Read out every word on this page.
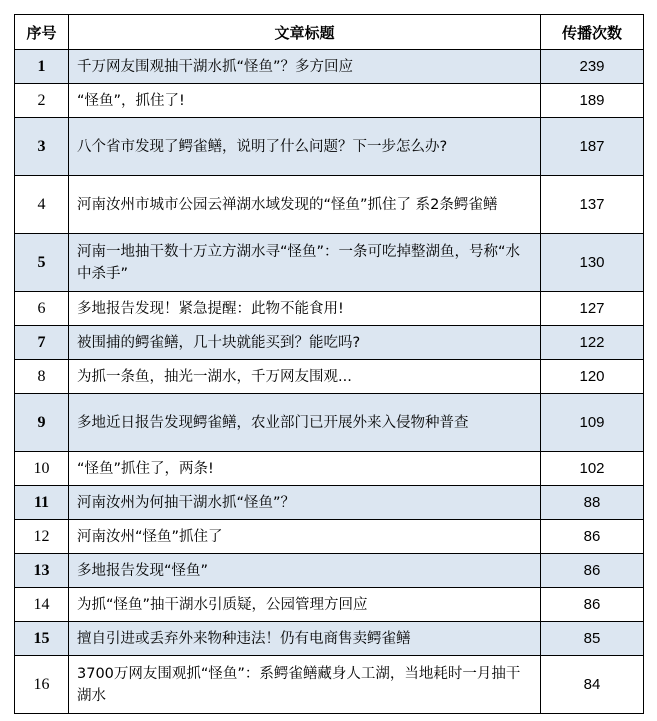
序号	文章标题	传播次数
1	千万网友围观抽干湖水抓“怪鱼”？多方回应	239
2	“怪鱼”，抓住了!	189
3	八个省市发现了鳄雀鳝，说明了什么问题？下一步怎么办?	187
4	河南汝州市城市公园云禅湖水域发现的“怪鱼”抓住了 系2条鳄雀鳝	137
5	河南一地抽干数十万立方湖水寻“怪鱼”：一条可吃掉整湖鱼，号称“水中杀手”	130
6	多地报告发现！紧急提醒：此物不能食用!	127
7	被围捕的鳄雀鳝，几十块就能买到？能吃吗?	122
8	为抓一条鱼，抽光一湖水，千万网友围观...	120
9	多地近日报告发现鳄雀鳝，农业部门已开展外来入侵物种普查	109
10	“怪鱼”抓住了，两条!	102
11	河南汝州为何抽干湖水抓“怪鱼”？	88
12	河南汝州“怪鱼”抓住了	86
13	多地报告发现“怪鱼”	86
14	为抓“怪鱼”抽干湖水引质疑，公园管理方回应	86
15	擅自引进或丢弃外来物种违法！仍有电商售卖鳄雀鳝	85
16	3700万网友围观抓“怪鱼”：系鳄雀鳝藏身人工湖，当地耗时一月抽干湖水	84
